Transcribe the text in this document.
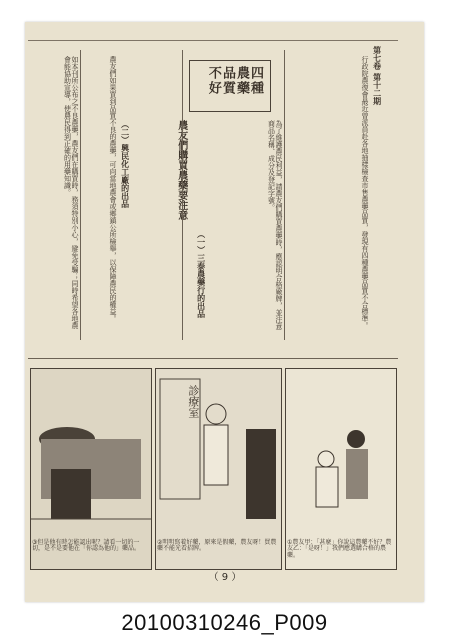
第七卷 第十二期
四種 農藥 品質 不好	行政院農復會最近曾派員赴各地抽樣檢查市售農藥品質，發現有四種農藥品質不合標準。
為了維護農民利益，請農友們購買農藥時，應認明合格廠牌，並注意商品名稱、成分及登記字號。
（一）三泰農藥行的出品
（二）興民化工廠的出品
農友們如果買到品質不良的農藥，可向當地農會或鄉鎮公所檢舉，以保障農民的權益。
如本刊所公布之不良農藥，農友們在購買時，務須特別小心，避免受騙；同時希望各地農會能協助宣導，使農民得到正確的用藥知識。
③但是他有時怎能認出呢？請看一切的一切，是不是要他在「你認為他的」藥品。
診療室
②明明寫着好藥，原來是假藥，農友呀！買農藥不能光看招牌。
①農友甲：「甚麼」你說這農藥不好？農友乙：「是呀！」我們應選購合格的農藥。
（ 9 ）
20100310246_P009
